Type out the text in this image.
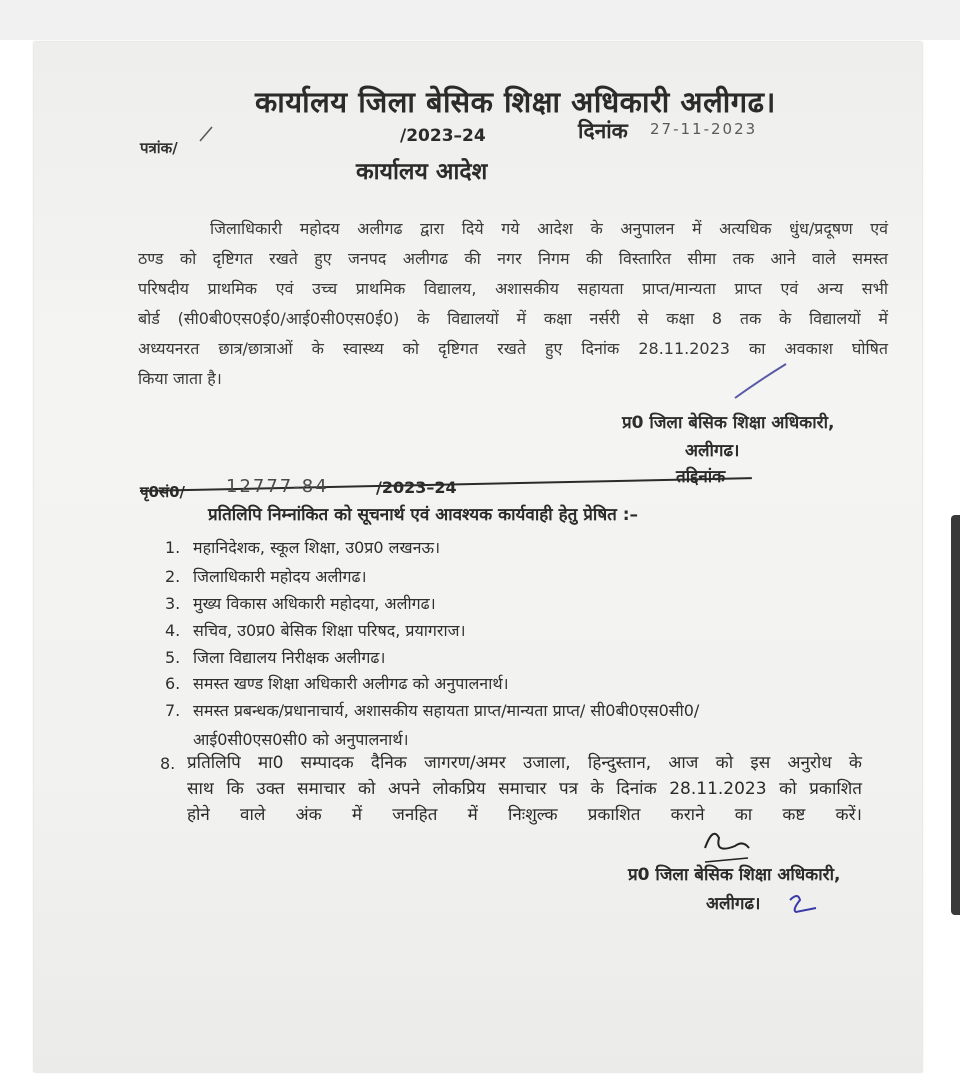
कार्यालय जिला बेसिक शिक्षा अधिकारी अलीगढ।
पत्रांक/
/2023–24	दिनांक 27-11-2023
कार्यालय आदेश
जिलाधिकारी महोदय अलीगढ द्वारा दिये गये आदेश के अनुपालन में अत्यधिक धुंध/प्रदूषण एवं
ठण्ड को दृष्टिगत रखते हुए जनपद अलीगढ की नगर निगम की विस्तारित सीमा तक आने वाले समस्त
परिषदीय प्राथमिक एवं उच्च प्राथमिक विद्यालय, अशासकीय सहायता प्राप्त/मान्यता प्राप्त एवं अन्य सभी
बोर्ड (सी0बी0एस0ई0/आई0सी0एस0ई0) के विद्यालयों में कक्षा नर्सरी से कक्षा 8 तक के विद्यालयों में
अध्ययनरत छात्र/छात्राओं के स्वास्थ्य को दृष्टिगत रखते हुए दिनांक 28.11.2023 का अवकाश घोषित
किया जाता है।
प्र0 जिला बेसिक शिक्षा अधिकारी,
अलीगढ।
तद्दिनांक
पृ0सं0/ 12777-84	/2023–24
प्रतिलिपि निम्नांकित को सूचनार्थ एवं आवश्यक कार्यवाही हेतु प्रेषित :–
1. महानिदेशक, स्कूल शिक्षा, उ0प्र0 लखनऊ।
2. जिलाधिकारी महोदय अलीगढ।
3. मुख्य विकास अधिकारी महोदया, अलीगढ।
4. सचिव, उ0प्र0 बेसिक शिक्षा परिषद, प्रयागराज।
5. जिला विद्यालय निरीक्षक अलीगढ।
6. समस्त खण्ड शिक्षा अधिकारी अलीगढ को अनुपालनार्थ।
7. समस्त प्रबन्धक/प्रधानाचार्य, अशासकीय सहायता प्राप्त/मान्यता प्राप्त/ सी0बी0एस0सी0/
आई0सी0एस0सी0 को अनुपालनार्थ।
8. प्रतिलिपि मा0 सम्पादक दैनिक जागरण/अमर उजाला, हिन्दुस्तान, आज को इस अनुरोध के
साथ कि उक्त समाचार को अपने लोकप्रिय समाचार पत्र के दिनांक 28.11.2023 को प्रकाशित
होने वाले अंक में जनहित में निःशुल्क प्रकाशित कराने का कष्ट करें।
प्र0 जिला बेसिक शिक्षा अधिकारी,
अलीगढ।
